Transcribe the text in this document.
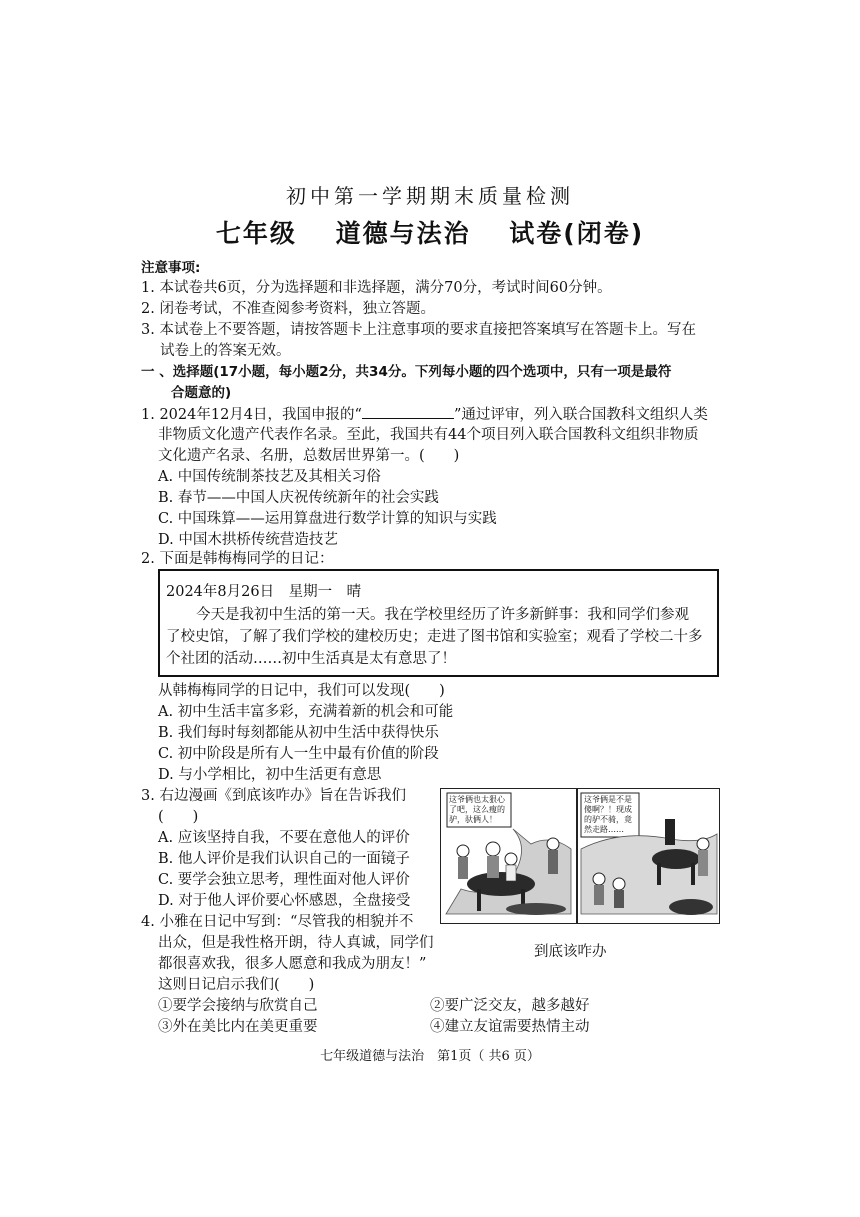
初中第一学期期末质量检测
七年级 道德与法治 试卷(闭卷)
注意事项:
1. 本试卷共6页，分为选择题和非选择题，满分70分，考试时间60分钟。
2. 闭卷考试，不准查阅参考资料，独立答题。
3. 本试卷上不要答题，请按答题卡上注意事项的要求直接把答案填写在答题卡上。写在
试卷上的答案无效。
一 、选择题(17小题，每小题2分，共34分。下列每小题的四个选项中，只有一项是最符
合题意的)
1. 2024年12月4日，我国申报的“	”通过评审，列入联合国教科文组织人类
非物质文化遗产代表作名录。至此，我国共有44个项目列入联合国教科文组织非物质
文化遗产名录、名册，总数居世界第一。(　　)
A. 中国传统制茶技艺及其相关习俗
B. 春节——中国人庆祝传统新年的社会实践
C. 中国珠算——运用算盘进行数学计算的知识与实践
D. 中国木拱桥传统营造技艺
2. 下面是韩梅梅同学的日记：
2024年8月26日　星期一　晴
今天是我初中生活的第一天。我在学校里经历了许多新鲜事：我和同学们参观
了校史馆，了解了我们学校的建校历史；走进了图书馆和实验室；观看了学校二十多
个社团的活动……初中生活真是太有意思了！
从韩梅梅同学的日记中，我们可以发现(　　)
A. 初中生活丰富多彩，充满着新的机会和可能
B. 我们每时每刻都能从初中生活中获得快乐
C. 初中阶段是所有人一生中最有价值的阶段
D. 与小学相比，初中生活更有意思
3. 右边漫画《到底该咋办》旨在告诉我们
(　　)
A. 应该坚持自我，不要在意他人的评价
B. 他人评价是我们认识自己的一面镜子
C. 要学会独立思考，理性面对他人评价
D. 对于他人评价要心怀感恩，全盘接受
这爷俩也太狠心
了吧，这么瘦的
驴，驮俩人！
这爷俩是不是
傻啊？！现成
的驴不骑，竟
然走路……
到底该咋办
4. 小雅在日记中写到：“尽管我的相貌并不
出众，但是我性格开朗，待人真诚，同学们
都很喜欢我，很多人愿意和我成为朋友！”
这则日记启示我们(　　)
①要学会接纳与欣赏自己	②要广泛交友，越多越好
③外在美比内在美更重要	④建立友谊需要热情主动
七年级道德与法治　第1页（ 共6 页）
